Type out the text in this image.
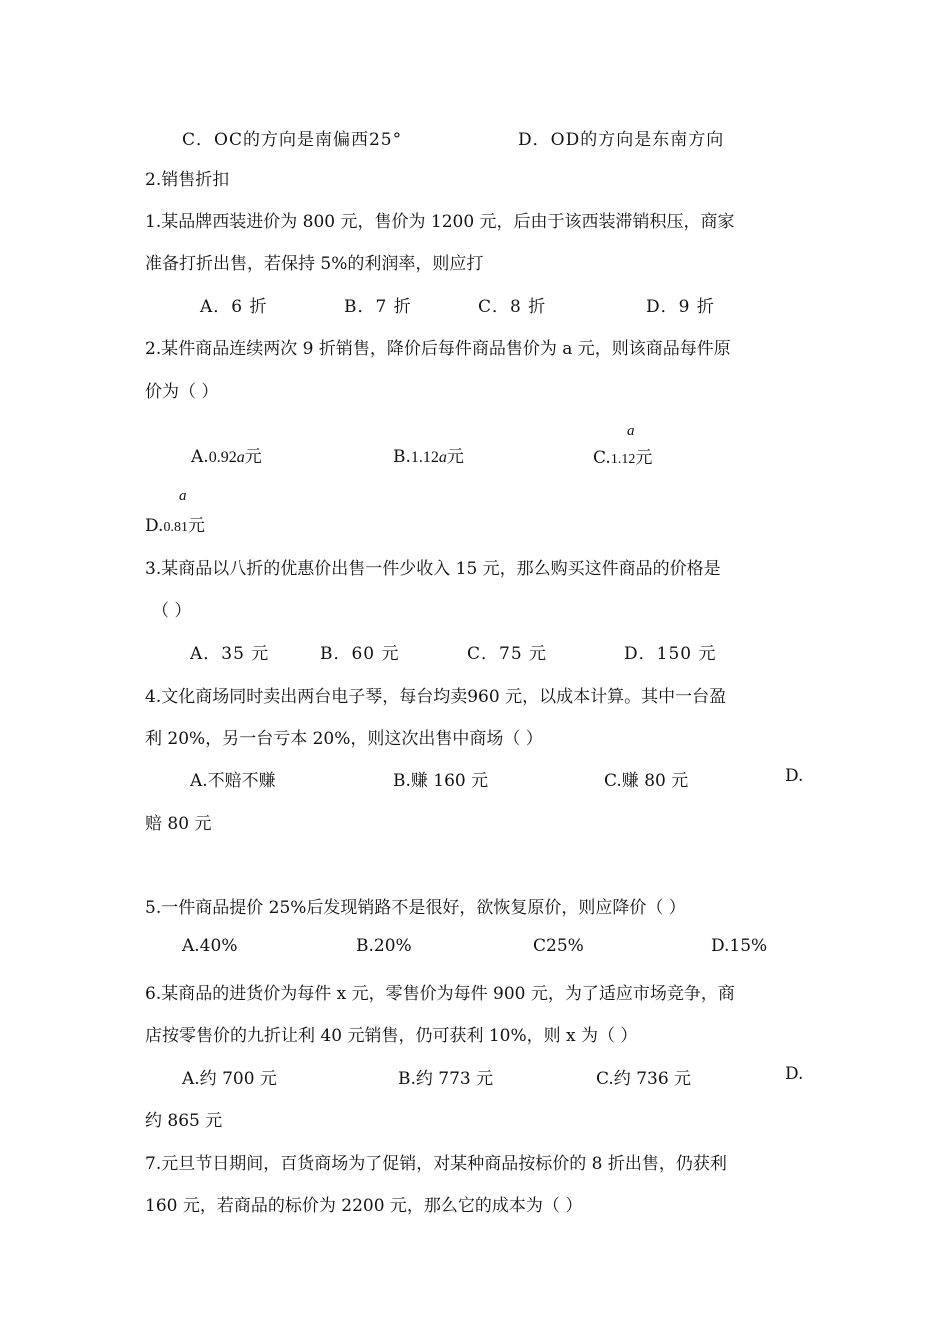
C．OC的方向是南偏西25°	D．OD的方向是东南方向
2.销售折扣
1.某品牌西装进价为 800 元，售价为 1200 元，后由于该西装滞销积压，商家
准备打折出售，若保持 5%的利润率，则应打
A．6 折	B．7 折	C．8 折	D．9 折
2.某件商品连续两次 9 折销售，降价后每件商品售价为 a 元，则该商品每件原
价为（ ）
A.0.92a元	B.1.12a元
a
C.1.12元
a
D.0.81元
3.某商品以八折的优惠价出售一件少收入 15 元，那么购买这件商品的价格是
（ ）
A．35 元	B．60 元	C．75 元	D．150 元
4.文化商场同时卖出两台电子琴，每台均卖960 元，以成本计算。其中一台盈
利 20%，另一台亏本 20%，则这次出售中商场（ ）
A.不赔不赚	B.赚 160 元	C.赚 80 元	D.
赔 80 元
5.一件商品提价 25%后发现销路不是很好，欲恢复原价，则应降价（ ）
A.40%	B.20%	C25%	D.15%
6.某商品的进货价为每件 x 元，零售价为每件 900 元，为了适应市场竞争，商
店按零售价的九折让利 40 元销售，仍可获利 10%，则 x 为（ ）
A.约 700 元	B.约 773 元	C.约 736 元	D.
约 865 元
7.元旦节日期间，百货商场为了促销，对某种商品按标价的 8 折出售，仍获利
160 元，若商品的标价为 2200 元，那么它的成本为（ ）
